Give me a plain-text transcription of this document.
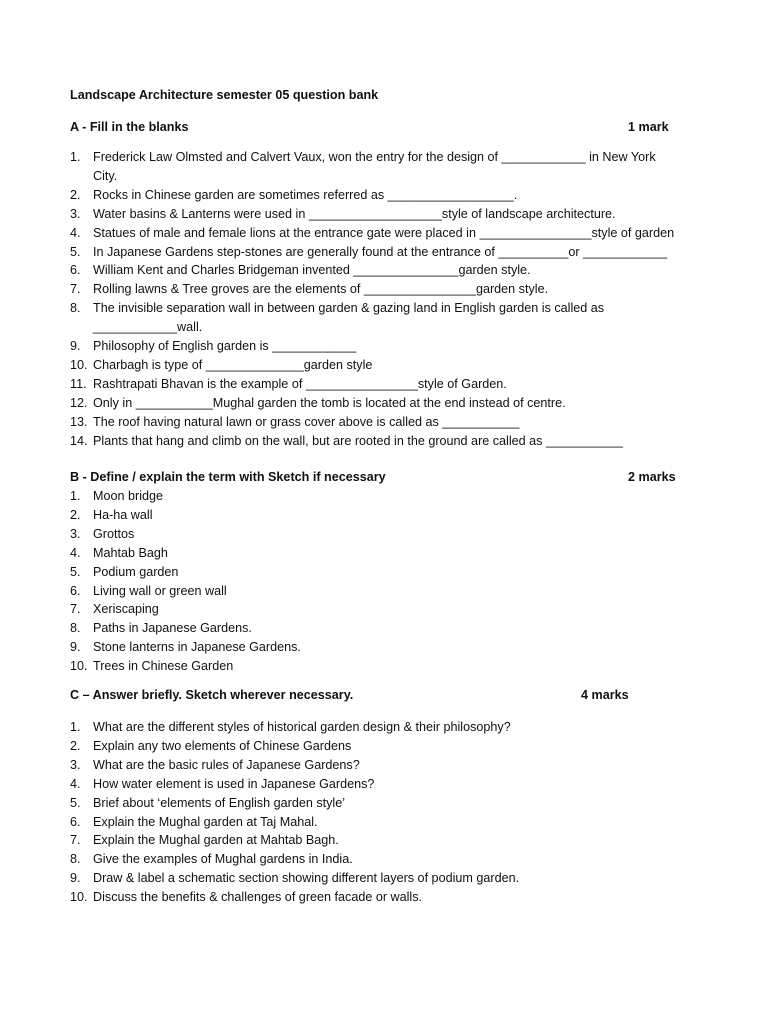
Landscape Architecture semester 05 question bank
A - Fill in the blanks	1 mark
1. Frederick Law Olmsted and Calvert Vaux, won the entry for the design of ____________ in New York
City.
2. Rocks in Chinese garden are sometimes referred as __________________.
3. Water basins & Lanterns were used in ___________________style of landscape architecture.
4. Statues of male and female lions at the entrance gate were placed in ________________style of garden
5. In Japanese Gardens step-stones are generally found at the entrance of __________or ____________
6. William Kent and Charles Bridgeman invented _______________garden style.
7. Rolling lawns & Tree groves are the elements of ________________garden style.
8. The invisible separation wall in between garden & gazing land in English garden is called as
____________wall.
9. Philosophy of English garden is ____________
10. Charbagh is type of ______________garden style
11. Rashtrapati Bhavan is the example of ________________style of Garden.
12. Only in ___________Mughal garden the tomb is located at the end instead of centre.
13. The roof having natural lawn or grass cover above is called as ___________
14. Plants that hang and climb on the wall, but are rooted in the ground are called as ___________
B - Define / explain the term with Sketch if necessary	2 marks
1. Moon bridge
2. Ha-ha wall
3. Grottos
4. Mahtab Bagh
5. Podium garden
6. Living wall or green wall
7. Xeriscaping
8. Paths in Japanese Gardens.
9. Stone lanterns in Japanese Gardens.
10. Trees in Chinese Garden
C – Answer briefly. Sketch wherever necessary.	4 marks
1. What are the different styles of historical garden design & their philosophy?
2. Explain any two elements of Chinese Gardens
3. What are the basic rules of Japanese Gardens?
4. How water element is used in Japanese Gardens?
5. Brief about ‘elements of English garden style’
6. Explain the Mughal garden at Taj Mahal.
7. Explain the Mughal garden at Mahtab Bagh.
8. Give the examples of Mughal gardens in India.
9. Draw & label a schematic section showing different layers of podium garden.
10. Discuss the benefits & challenges of green facade or walls.
